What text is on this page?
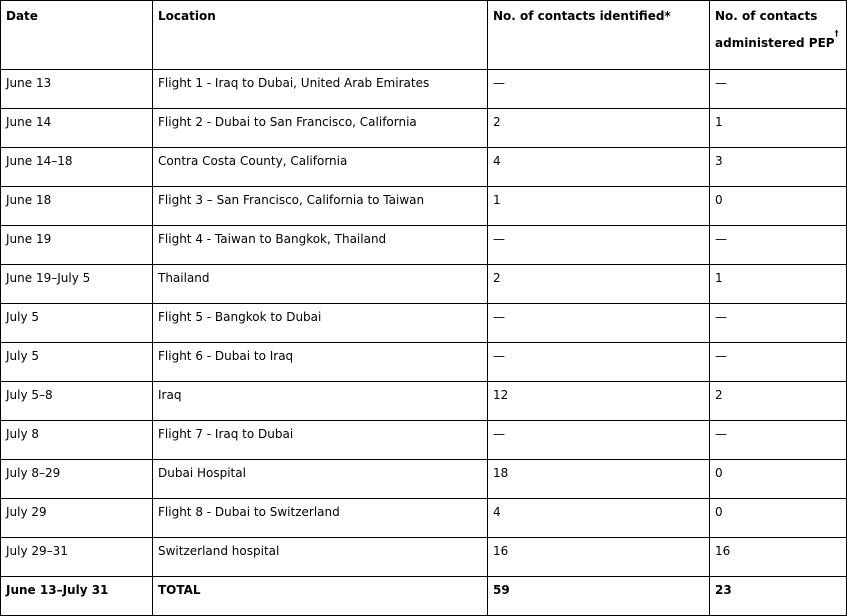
Date	Location	No. of contacts identified*	No. of contacts
administered PEP†
June 13	Flight 1 - Iraq to Dubai, United Arab Emirates	—	—
June 14	Flight 2 - Dubai to San Francisco, California	2	1
June 14–18	Contra Costa County, California	4	3
June 18	Flight 3 – San Francisco, California to Taiwan	1	0
June 19	Flight 4 - Taiwan to Bangkok, Thailand	—	—
June 19–July 5	Thailand	2	1
July 5	Flight 5 - Bangkok to Dubai	—	—
July 5	Flight 6 - Dubai to Iraq	—	—
July 5–8	Iraq	12	2
July 8	Flight 7 - Iraq to Dubai	—	—
July 8–29	Dubai Hospital	18	0
July 29	Flight 8 - Dubai to Switzerland	4	0
July 29–31	Switzerland hospital	16	16
June 13–July 31	TOTAL	59	23
